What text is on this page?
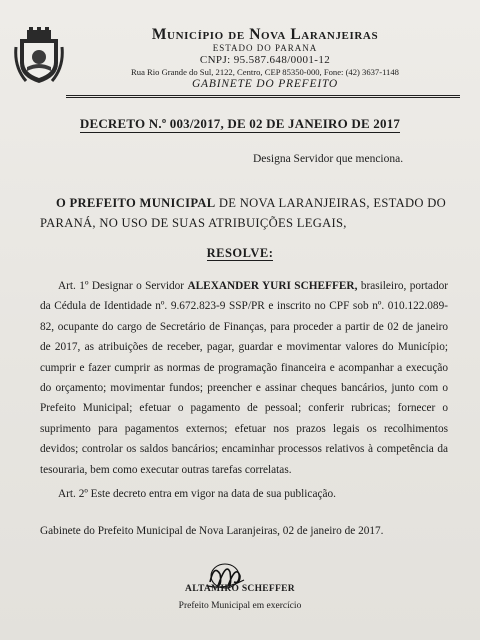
Município de Nova Laranjeiras
ESTADO DO PARANA
CNPJ: 95.587.648/0001-12
Rua Rio Grande do Sul, 2122, Centro, CEP 85350-000, Fone: (42) 3637-1148
GABINETE DO PREFEITO
DECRETO N.º 003/2017, DE 02 DE JANEIRO DE 2017
Designa Servidor que menciona.
O PREFEITO MUNICIPAL DE NOVA LARANJEIRAS, ESTADO DO PARANÁ, NO USO DE SUAS ATRIBUIÇÕES LEGAIS,
RESOLVE:
Art. 1º Designar o Servidor ALEXANDER YURI SCHEFFER, brasileiro, portador da Cédula de Identidade nº. 9.672.823-9 SSP/PR e inscrito no CPF sob nº. 010.122.089-82, ocupante do cargo de Secretário de Finanças, para proceder a partir de 02 de janeiro de 2017, as atribuições de receber, pagar, guardar e movimentar valores do Município; cumprir e fazer cumprir as normas de programação financeira e acompanhar a execução do orçamento; movimentar fundos; preencher e assinar cheques bancários, junto com o Prefeito Municipal; efetuar o pagamento de pessoal; conferir rubricas; fornecer o suprimento para pagamentos externos; efetuar nos prazos legais os recolhimentos devidos; controlar os saldos bancários; encaminhar processos relativos à competência da tesouraria, bem como executar outras tarefas correlatas.
Art. 2º Este decreto entra em vigor na data de sua publicação.
Gabinete do Prefeito Municipal de Nova Laranjeiras, 02 de janeiro de 2017.
ALTAMIRO SCHEFFER
Prefeito Municipal em exercício
